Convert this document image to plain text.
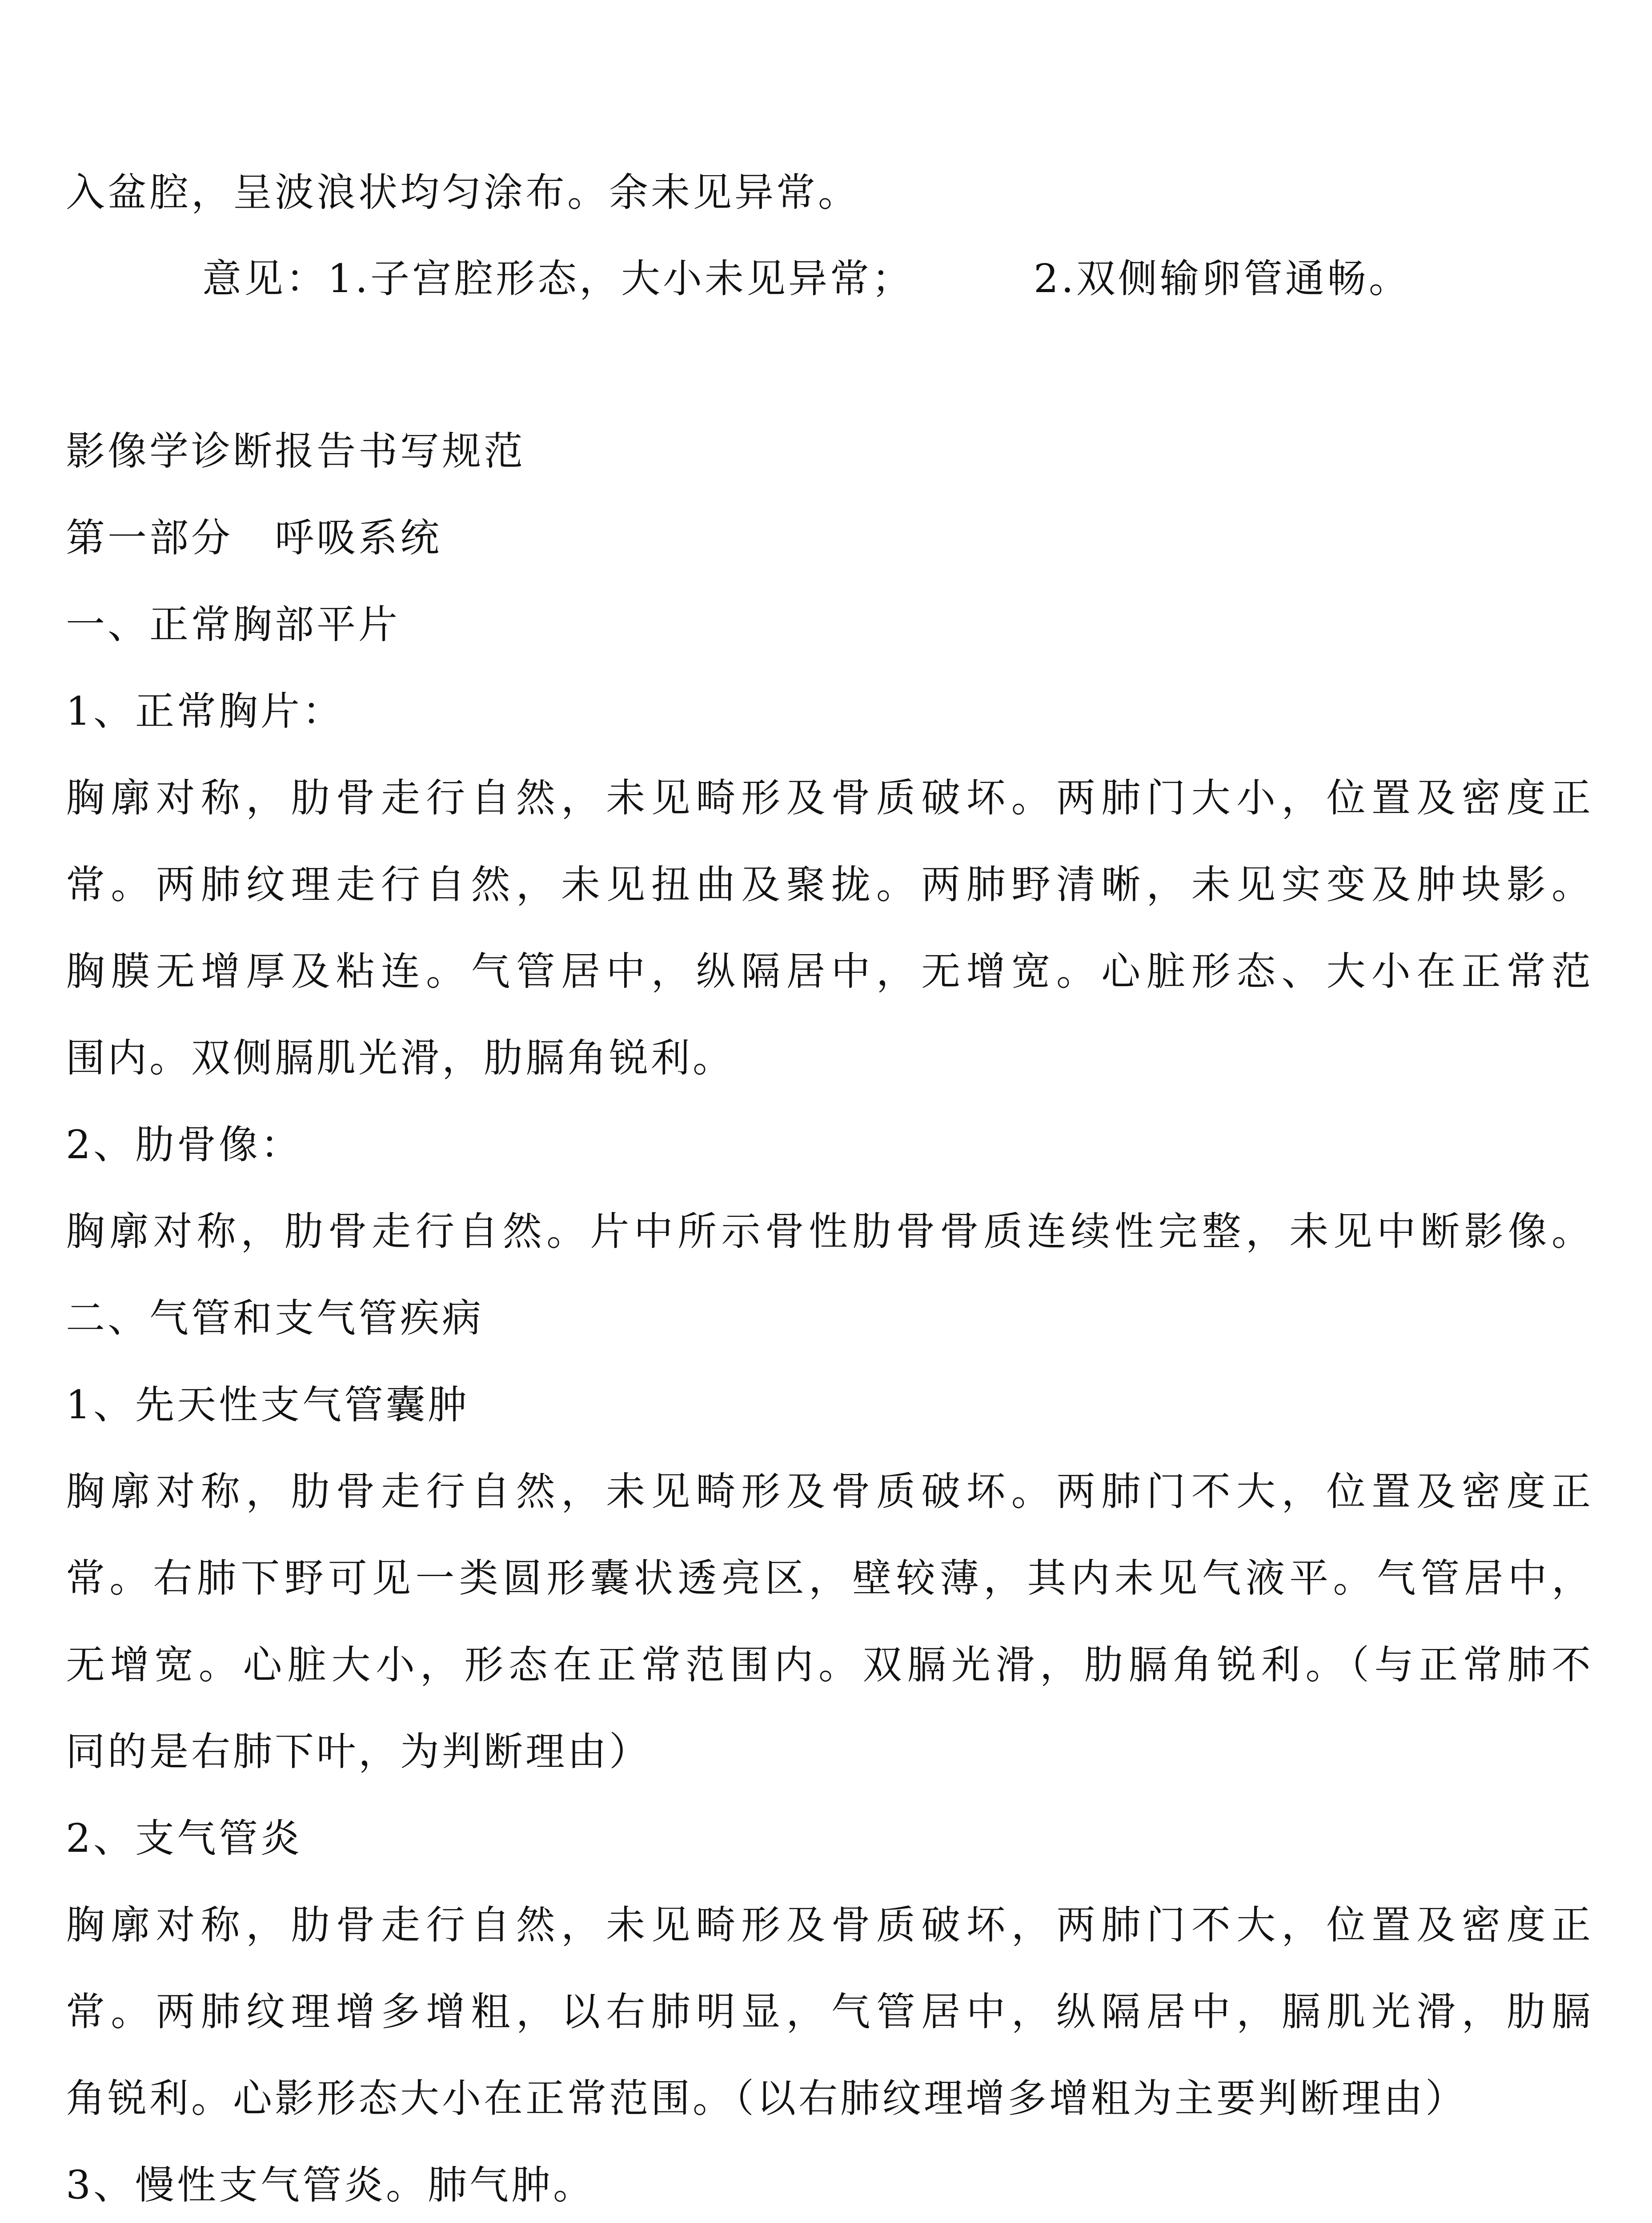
入盆腔，呈波浪状均匀涂布。余未见异常。
意见：1.子宫腔形态，大小未见异常；	2.双侧输卵管通畅。
影像学诊断报告书写规范
第一部分　呼吸系统
一、正常胸部平片
1、正常胸片：
胸廓对称，肋骨走行自然，未见畸形及骨质破坏。两肺门大小，位置及密度正
常。两肺纹理走行自然，未见扭曲及聚拢。两肺野清晰，未见实变及肿块影。
胸膜无增厚及粘连。气管居中，纵隔居中，无增宽。心脏形态、大小在正常范
围内。双侧膈肌光滑，肋膈角锐利。
2、肋骨像：
胸廓对称，肋骨走行自然。片中所示骨性肋骨骨质连续性完整，未见中断影像。
二、气管和支气管疾病
1、先天性支气管囊肿
胸廓对称，肋骨走行自然，未见畸形及骨质破坏。两肺门不大，位置及密度正
常。右肺下野可见一类圆形囊状透亮区，壁较薄，其内未见气液平。气管居中，
无增宽。心脏大小，形态在正常范围内。双膈光滑，肋膈角锐利。（与正常肺不
同的是右肺下叶，为判断理由）
2、支气管炎
胸廓对称，肋骨走行自然，未见畸形及骨质破坏，两肺门不大，位置及密度正
常。两肺纹理增多增粗，以右肺明显，气管居中，纵隔居中，膈肌光滑，肋膈
角锐利。心影形态大小在正常范围。（以右肺纹理增多增粗为主要判断理由）
3、慢性支气管炎。肺气肿。
